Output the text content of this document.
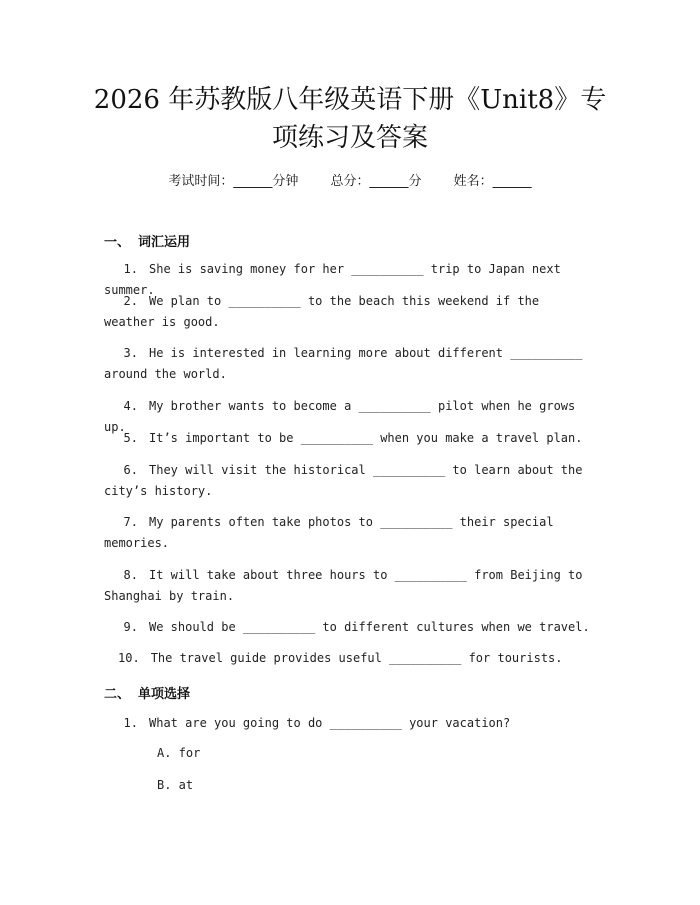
2026 年苏教版八年级英语下册《Unit8》专
项练习及答案
考试时间：______分钟 总分：______分 姓名：______
一、 词汇运用
1. She is saving money for her __________ trip to Japan next summer.
2. We plan to __________ to the beach this weekend if the weather is good.
3. He is interested in learning more about different __________ around the world.
4. My brother wants to become a __________ pilot when he grows up.
5. It’s important to be __________ when you make a travel plan.
6. They will visit the historical __________ to learn about the city’s history.
7. My parents often take photos to __________ their special memories.
8. It will take about three hours to __________ from Beijing to Shanghai by train.
9. We should be __________ to different cultures when we travel.
10. The travel guide provides useful __________ for tourists.
二、 单项选择
1. What are you going to do __________ your vacation?
A. for
B. at
